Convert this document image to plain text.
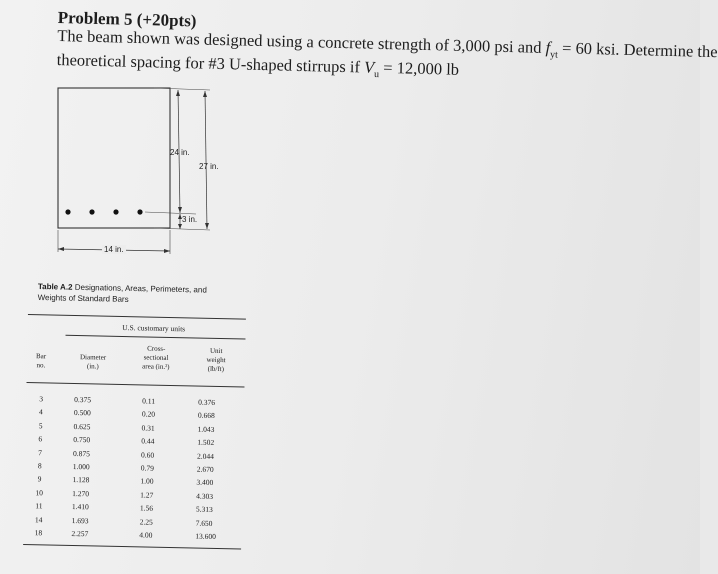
Problem 5 (+20pts)

The beam shown was designed using a concrete strength of 3,000 psi and $f_{yt} = 60$ ksi. Determine the

theoretical spacing for #3 U-shaped stirrups if $V_u = 12,000$ lb

24 in.
27 in.
3 in.
14 in.
Table A.2 Designations, Areas, Perimeters, and
Weights of Standard Bars
U.S. customary units
Bar
no.
Diameter
(in.)
Cross-
sectional
area (in.²)
Unit
weight
(lb/ft)
3
4
5
6
7
8
9
10
11
14
18
0.375
0.500
0.625
0.750
0.875
1.000
1.128
1.270
1.410
1.693
2.257
0.11
0.20
0.31
0.44
0.60
0.79
1.00
1.27
1.56
2.25
4.00
0.376
0.668
1.043
1.502
2.044
2.670
3.400
4.303
5.313
7.650
13.600
